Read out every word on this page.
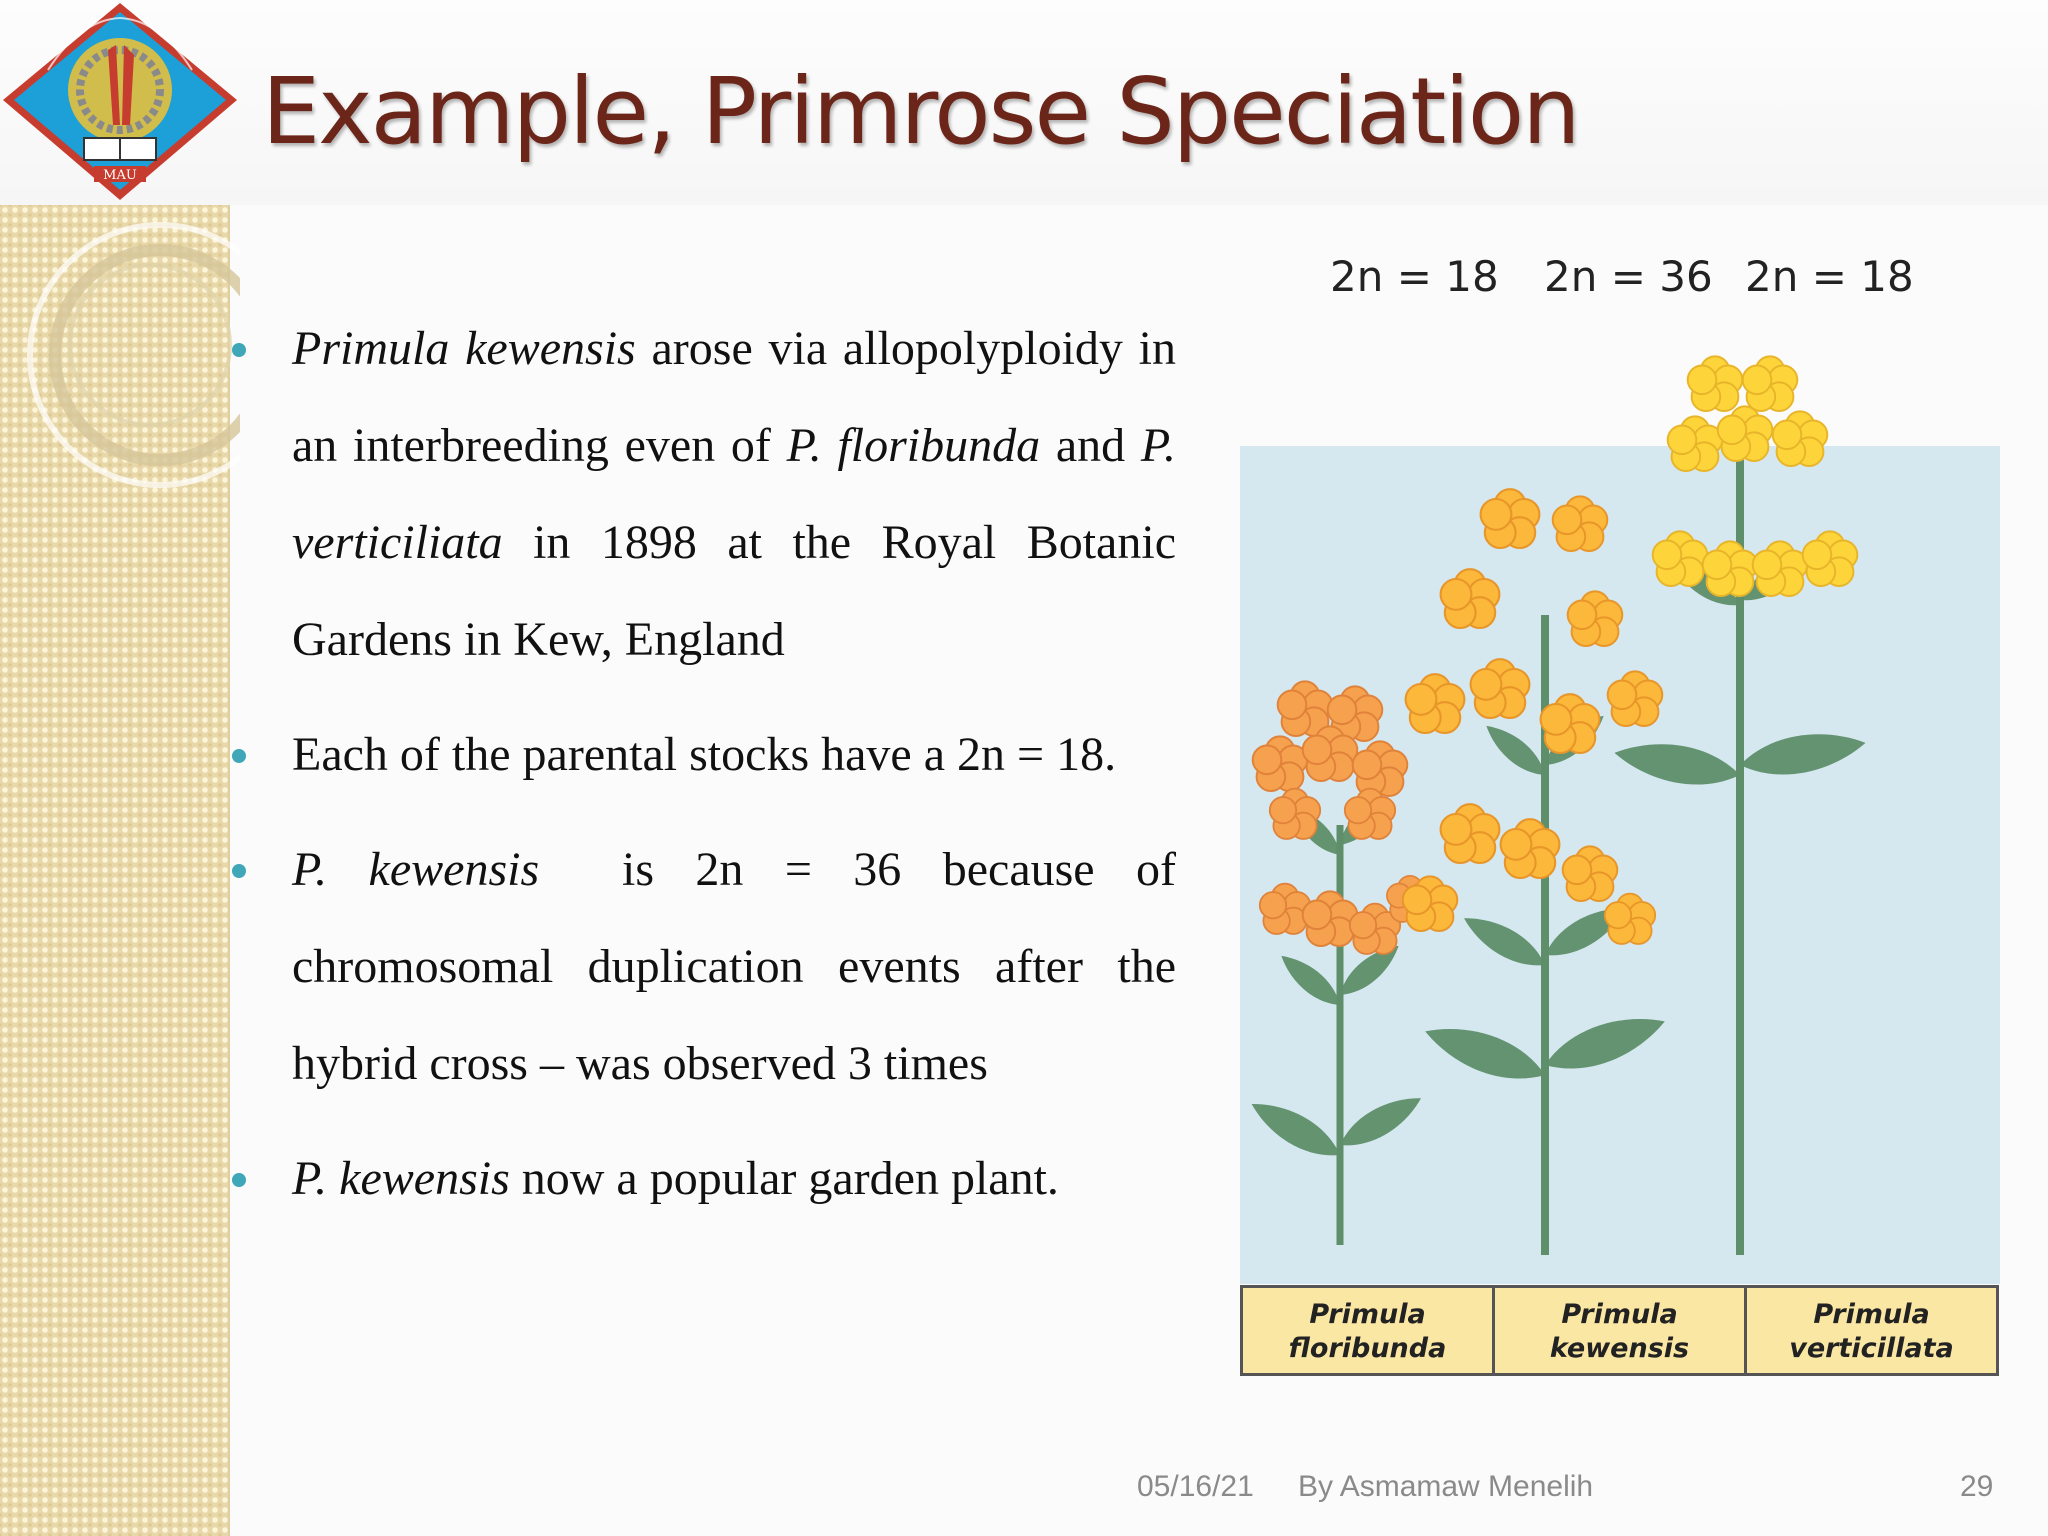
MAU
Example, Primrose Speciation
Primula kewensis arose via allopolyploidy in an interbreeding even of P. floribunda and P. verticiliata in 1898 at the Royal Botanic Gardens in Kew, England
Each of the parental stocks have a 2n = 18.
P. kewensis  is 2n = 36 because of chromosomal duplication events after the hybrid cross – was observed 3 times
P. kewensis now a popular garden plant.
2n = 18 2n = 36 2n = 18
Primula
floribunda
Primula
kewensis
Primula
verticillata
05/16/21 By Asmamaw Menelih	29
